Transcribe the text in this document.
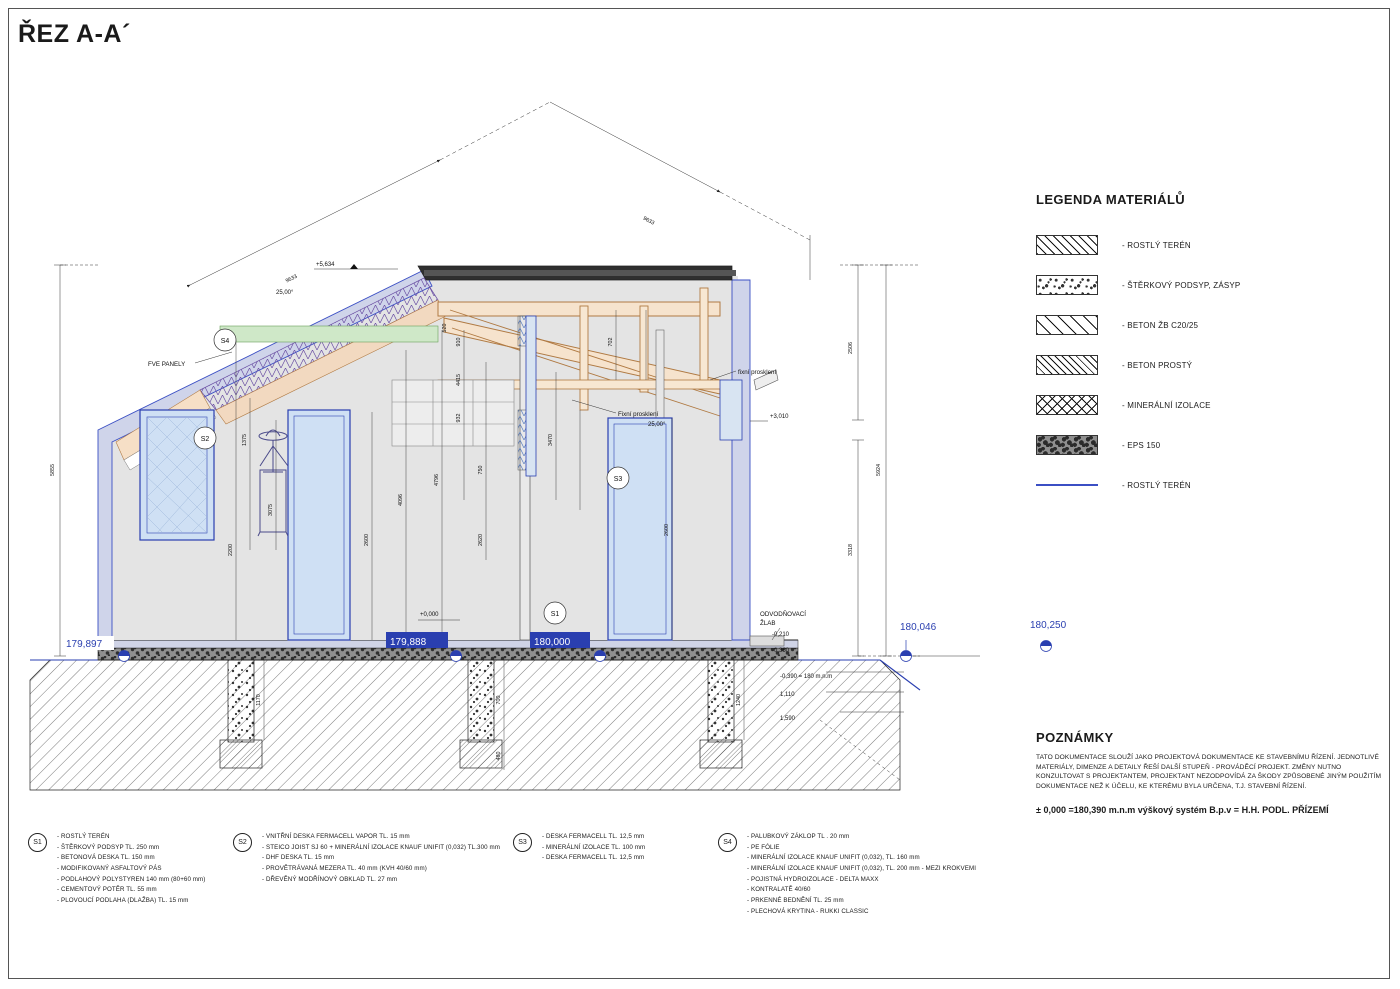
ŘEZ A-A´
5855	5924
2506
3318
9633
9633
1375
3075
2200
2600
4096
4796
932
4415
750
2620
3470
2600
702
910
520
1170	700
480
1240
S4
S2
S3
S1
FVE PANELY
fixní prosklení
Fixní prosklení
ODVODŇOVACÍ
ŽLAB
+5,634
+3,010
+0,000
-0,210
-0,360
-0,390 = 180 m.n.m
1,110
1,590
25,00°
25,00°
179,897	179,888	180,000
180,046	180,250
LEGENDA MATERIÁLŮ
- ROSTLÝ TERÉN
- ŠTĚRKOVÝ PODSYP, ZÁSYP
- BETON ŽB C20/25
- BETON PROSTÝ
- MINERÁLNÍ IZOLACE
- EPS 150
- ROSTLÝ TERÉN
POZNÁMKY

TATO DOKUMENTACE SLOUŽÍ JAKO PROJEKTOVÁ DOKUMENTACE KE STAVEBNÍMU ŘÍZENÍ. JEDNOTLIVÉ MATERIÁLY, DIMENZE A DETAILY ŘEŠÍ DALŠÍ STUPEŇ - PROVÁDĚCÍ PROJEKT. ZMĚNY NUTNO KONZULTOVAT S PROJEKTANTEM, PROJEKTANT NEZODPOVÍDÁ ZA ŠKODY ZPŮSOBENÉ JINÝM POUŽITÍM DOKUMENTACE NEŽ K ÚČELU, KE KTERÉMU BYLA URČENA, T.J. STAVEBNÍ ŘÍZENÍ.

± 0,000 =180,390 m.n.m výškový systém B.p.v = H.H. PODL. PŘÍZEMÍ
S1
- ROSTLÝ TERÉN
- ŠTĚRKOVÝ PODSYP TL. 250 mm
- BETONOVÁ DESKA TL. 150 mm
- MODIFIKOVANÝ ASFALTOVÝ PÁS
- PODLAHOVÝ POLYSTYREN 140 mm (80+60 mm)
- CEMENTOVÝ POTĚR TL. 55 mm
- PLOVOUCÍ PODLAHA (DLAŽBA) TL. 15 mm
S2
- VNITŘNÍ DESKA FERMACELL VAPOR TL. 15 mm
- STEICO JOIST SJ 60 + MINERÁLNÍ IZOLACE KNAUF UNIFIT (0,032) TL.300 mm
- DHF DESKA TL. 15 mm
- PROVĚTRÁVANÁ MEZERA TL. 40 mm (KVH 40/60 mm)
- DŘEVĚNÝ MODŘÍNOVÝ OBKLAD TL. 27 mm
S3
- DESKA FERMACELL TL. 12,5 mm
- MINERÁLNÍ IZOLACE TL. 100 mm
- DESKA FERMACELL TL. 12,5 mm
S4
- PALUBKOVÝ ZÁKLOP TL . 20 mm
- PE FÓLIE
- MINERÁLNÍ IZOLACE KNAUF UNIFIT (0,032), TL. 160 mm
- MINERÁLNÍ IZOLACE KNAUF UNIFIT (0,032), TL. 200 mm - MEZI KROKVEMI
- POJISTNÁ HYDROIZOLACE - DELTA MAXX
- KONTRALATĚ 40/60
- PRKENNÉ BEDNĚNÍ TL. 25 mm
- PLECHOVÁ KRYTINA - RUKKI CLASSIC
